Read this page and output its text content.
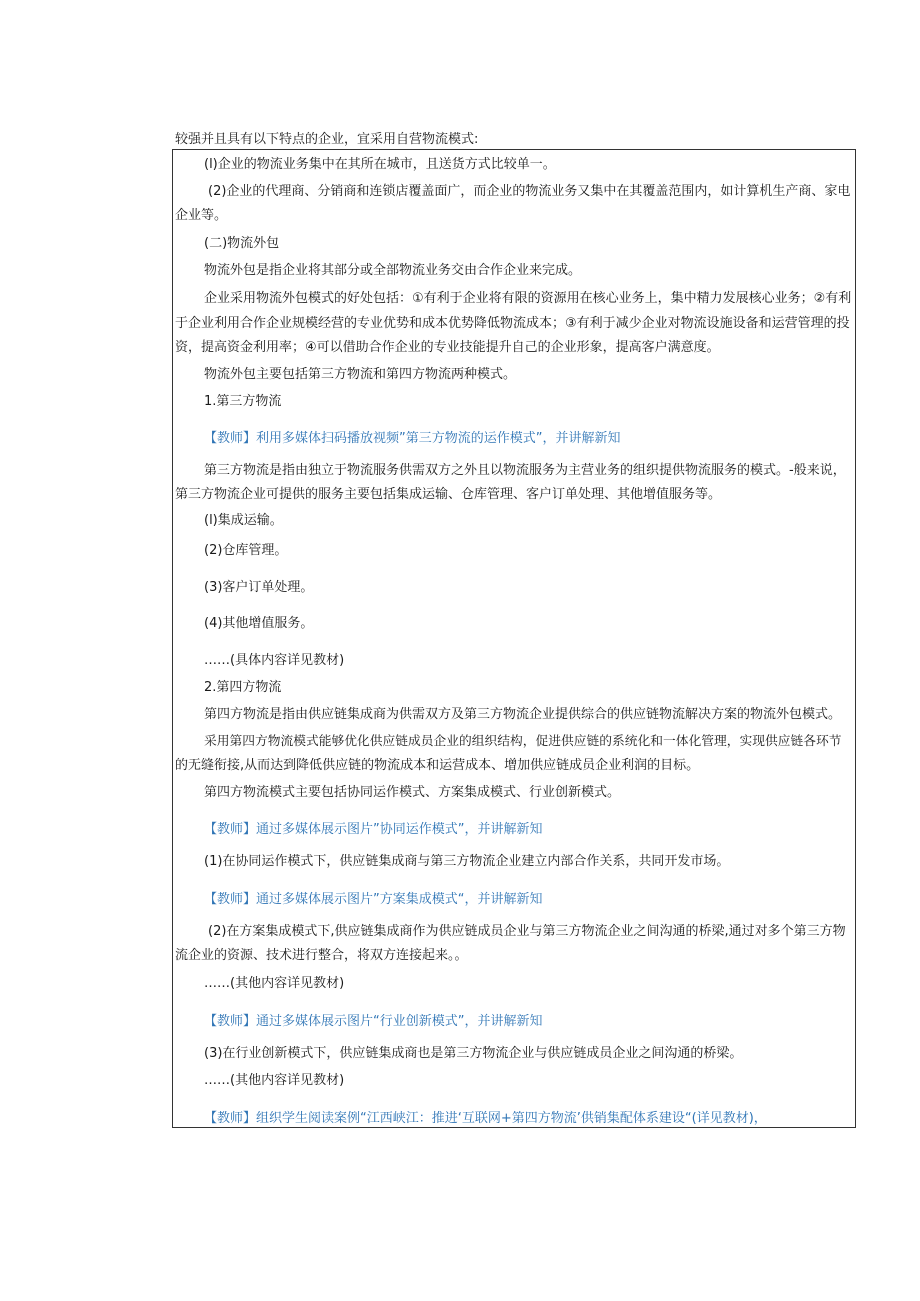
较强并且具有以下特点的企业，宜采用自营物流模式:
(l)企业的物流业务集中在其所在城市，且送货方式比较单一。
(2)企业的代理商、分销商和连锁店覆盖面广，而企业的物流业务又集中在其覆盖范围内，如计算机生产商、家电
企业等。
(二)物流外包
物流外包是指企业将其部分或全部物流业务交由合作企业来完成。
企业采用物流外包模式的好处包括：①有利于企业将有限的资源用在核心业务上，集中精力发展核心业务；②有利
于企业利用合作企业规模经营的专业优势和成本优势降低物流成本；③有利于减少企业对物流设施设备和运营管理的投
资，提高资金利用率；④可以借助合作企业的专业技能提升自己的企业形象，提高客户满意度。
物流外包主要包括第三方物流和第四方物流两种模式。
1.第三方物流
【教师】利用多媒体扫码播放视频”第三方物流的运作模式”，并讲解新知
第三方物流是指由独立于物流服务供需双方之外且以物流服务为主营业务的组织提供物流服务的模式。-般来说，
第三方物流企业可提供的服务主要包括集成运输、仓库管理、客户订单处理、其他增值服务等。
(l)集成运输。
(2)仓库管理。
(3)客户订单处理。
(4)其他增值服务。
……(具体内容详见教材)
2.第四方物流
第四方物流是指由供应链集成商为供需双方及第三方物流企业提供综合的供应链物流解决方案的物流外包模式。
采用第四方物流模式能够优化供应链成员企业的组织结构，促进供应链的系统化和一体化管理，实现供应链各环节
的无缝衔接,从而达到降低供应链的物流成本和运营成本、增加供应链成员企业利润的目标。
第四方物流模式主要包括协同运作模式、方案集成模式、行业创新模式。
【教师】通过多媒体展示图片”协同运作模式”，并讲解新知
(1)在协同运作模式下，供应链集成商与第三方物流企业建立内部合作关系，共同开发市场。
【教师】通过多媒体展示图片”方案集成模式“，并讲解新知
(2)在方案集成模式下,供应链集成商作为供应链成员企业与第三方物流企业之间沟通的桥梁,通过对多个第三方物
流企业的资源、技术进行整合，将双方连接起来。。
……(其他内容详见教材)
【教师】通过多媒体展示图片“行业创新模式”，并讲解新知
(3)在行业创新模式下，供应链集成商也是第三方物流企业与供应链成员企业之间沟通的桥梁。
……(其他内容详见教材)
【教师】组织学生阅读案例“江西峡江：推进‘互联网+第四方物流’供销集配体系建设“(详见教材)，
